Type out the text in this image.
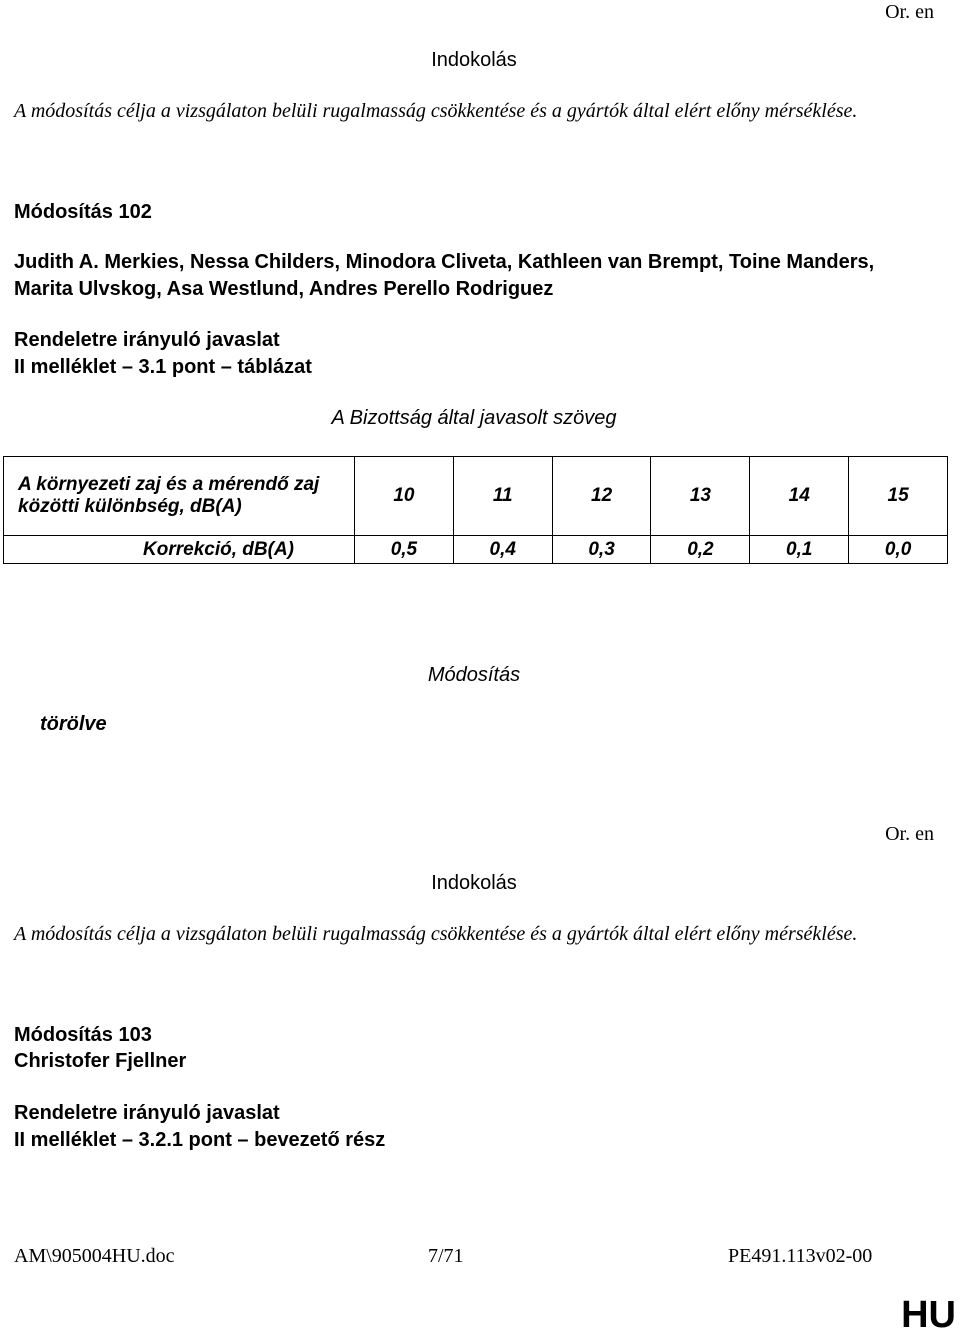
Or. en
Indokolás
A módosítás célja a vizsgálaton belüli rugalmasság csökkentése és a gyártók által elért előny mérséklése.
Módosítás 102
Judith A. Merkies, Nessa Childers, Minodora Cliveta, Kathleen van Brempt, Toine Manders,
Marita Ulvskog, Asa Westlund, Andres Perello Rodriguez
Rendeletre irányuló javaslat
II melléklet – 3.1 pont – táblázat
A Bizottság által javasolt szöveg
A környezeti zaj és a mérendő zaj közötti különbség, dB(A)	10	11	12	13	14	15
Korrekció, dB(A)	0,5	0,4	0,3	0,2	0,1	0,0
Módosítás
törölve
Or. en
Indokolás
A módosítás célja a vizsgálaton belüli rugalmasság csökkentése és a gyártók által elért előny mérséklése.
Módosítás 103
Christofer Fjellner
Rendeletre irányuló javaslat
II melléklet – 3.2.1 pont – bevezető rész
AM\905004HU.doc	7/71	PE491.113v02-00
HU
